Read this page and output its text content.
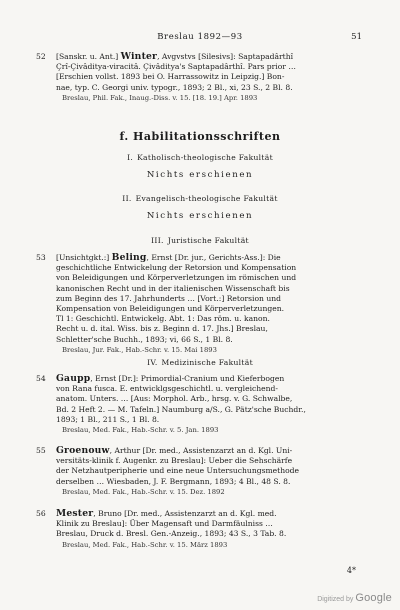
Breslau 1892—93	51
52 [Sanskr. u. Ant.] Winter, Avgvstvs [Silesivs]: Saptapadârthî
Çrî-Çivâditya-viracitâ. Çivâditya's Saptapadârthî. Pars prior …
[Erschien vollst. 1893 bei O. Harrassowitz in Leipzig.] Bon-
nae, typ. C. Georgi univ. typogr., 1893; 2 Bl., xi, 23 S., 2 Bl. 8.
Breslau, Phil. Fak., Inaug.-Diss. v. 15. [18. 19.] Apr. 1893
f. Habilitationsschriften
I. Katholisch-theologische Fakultät
Nichts erschienen
II. Evangelisch-theologische Fakultät
Nichts erschienen
III. Juristische Fakultät
53 [Unsichtgkt.:] Beling, Ernst [Dr. jur., Gerichts-Ass.]: Die
geschichtliche Entwickelung der Retorsion und Kompensation
von Beleidigungen und Körperverletzungen im römischen und
kanonischen Recht und in der italienischen Wissenschaft bis
zum Beginn des 17. Jahrhunderts … [Vort.:] Retorsion und
Kompensation von Beleidigungen und Körperverletzungen.
Tl 1: Geschichtl. Entwickelg. Abt. 1: Das röm. u. kanon.
Recht u. d. ital. Wiss. bis z. Beginn d. 17. Jhs.] Breslau,
Schletter'sche Buchh., 1893; vi, 66 S., 1 Bl. 8.
Breslau, Jur. Fak., Hab.-Schr. v. 15. Mai 1893
IV. Medizinische Fakultät
54 Gaupp, Ernst [Dr.]: Primordial-Cranium und Kieferbogen
von Rana fusca. E. entwicklgsgeschichtl. u. vergleichend-
anatom. Unters. … [Aus: Morphol. Arb., hrsg. v. G. Schwalbe,
Bd. 2 Heft 2. — M. Tafeln.] Naumburg a/S., G. Pätz'sche Buchdr.,
1893; 1 Bl., 211 S., 1 Bl. 8.
Breslau, Med. Fak., Hab.-Schr. v. 5. Jan. 1893
55 Groenouw, Arthur [Dr. med., Assistenzarzt an d. Kgl. Uni-
versitäts-klinik f. Augenkr. zu Breslau]: Ueber die Sehschärfe
der Netzhautperipherie und eine neue Untersuchungsmethode
derselben … Wiesbaden, J. F. Bergmann, 1893; 4 Bl., 48 S. 8.
Breslau, Med. Fak., Hab.-Schr. v. 15. Dez. 1892
56 Mester, Bruno [Dr. med., Assistenzarzt an d. Kgl. med.
Klinik zu Breslau]: Über Magensaft und Darmfäulniss …
Breslau, Druck d. Bresl. Gen.-Anzeig., 1893; 43 S., 3 Tab. 8.
Breslau, Med. Fak., Hab.-Schr. v. 15. März 1893
4*
Digitized by Google
